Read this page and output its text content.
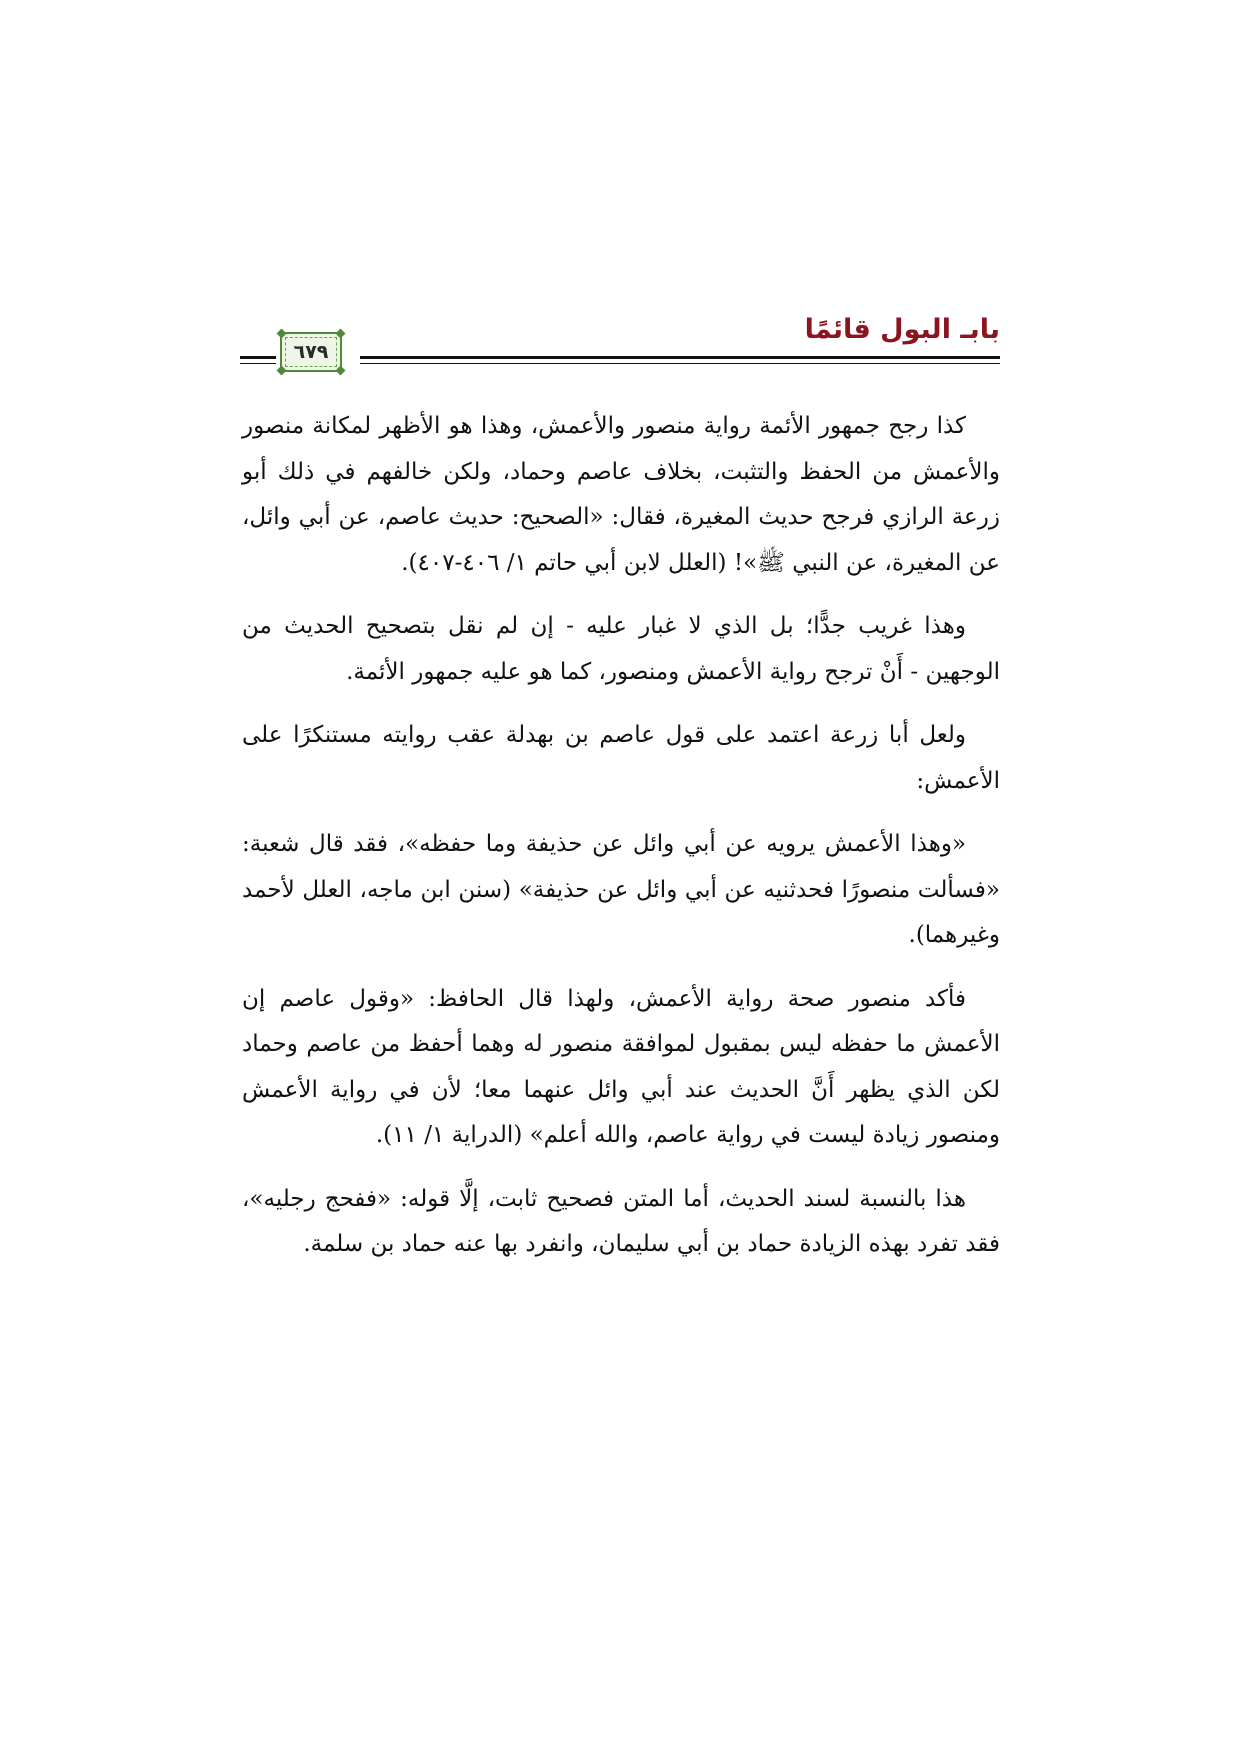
بابـ البول قائمًا
٦٧٩

كذا رجح جمهور الأئمة رواية منصور والأعمش، وهذا هو الأظهر لمكانة منصور والأعمش من الحفظ والتثبت، بخلاف عاصم وحماد، ولكن خالفهم في ذلك أبو زرعة الرازي فرجح حديث المغيرة، فقال: «الصحيح: حديث عاصم، عن أبي وائل، عن المغيرة، عن النبي ﷺ»! (العلل لابن أبي حاتم ١/ ٤٠٦-٤٠٧).

وهذا غريب جدًّا؛ بل الذي لا غبار عليه - إن لم نقل بتصحيح الحديث من الوجهين - أَنْ ترجح رواية الأعمش ومنصور، كما هو عليه جمهور الأئمة.

ولعل أبا زرعة اعتمد على قول عاصم بن بهدلة عقب روايته مستنكرًا على الأعمش:

«وهذا الأعمش يرويه عن أبي وائل عن حذيفة وما حفظه»، فقد قال شعبة: «فسألت منصورًا فحدثنيه عن أبي وائل عن حذيفة» (سنن ابن ماجه، العلل لأحمد وغيرهما).

فأكد منصور صحة رواية الأعمش، ولهذا قال الحافظ: «وقول عاصم إن الأعمش ما حفظه ليس بمقبول لموافقة منصور له وهما أحفظ من عاصم وحماد لكن الذي يظهر أَنَّ الحديث عند أبي وائل عنهما معا؛ لأن في رواية الأعمش ومنصور زيادة ليست في رواية عاصم، والله أعلم» (الدراية ١/ ١١).

هذا بالنسبة لسند الحديث، أما المتن فصحيح ثابت، إلَّا قوله: «ففحج رجليه»، فقد تفرد بهذه الزيادة حماد بن أبي سليمان، وانفرد بها عنه حماد بن سلمة.
